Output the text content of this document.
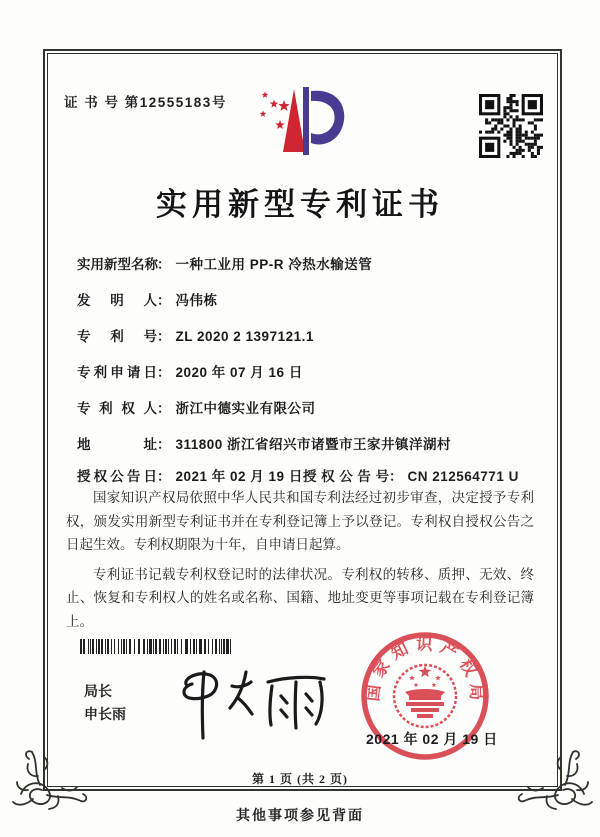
证 书 号 第12555183号
实用新型专利证书
实用新型名称： 一种工业用 PP-R 冷热水输送管
发明人： 冯伟栋
专利号： ZL 2020 2 1397121.1
专利申请日： 2020 年 07 月 16 日
专利权人： 浙江中德实业有限公司
地址： 311800 浙江省绍兴市诸暨市王家井镇洋湖村
授权公告日： 2021 年 02 月 19 日 授权公告号： CN 212564771 U

国家知识产权局依照中华人民共和国专利法经过初步审查，决定授予专利权，颁发实用新型专利证书并在专利登记簿上予以登记。专利权自授权公告之日起生效。专利权期限为十年，自申请日起算。

专利证书记载专利权登记时的法律状况。专利权的转移、质押、无效、终止、恢复和专利权人的姓名或名称、国籍、地址变更等事项记载在专利登记簿上。

局长
申长雨
国家知识产权局
2021 年 02 月 19 日
第 1 页 (共 2 页)
其他事项参见背面
